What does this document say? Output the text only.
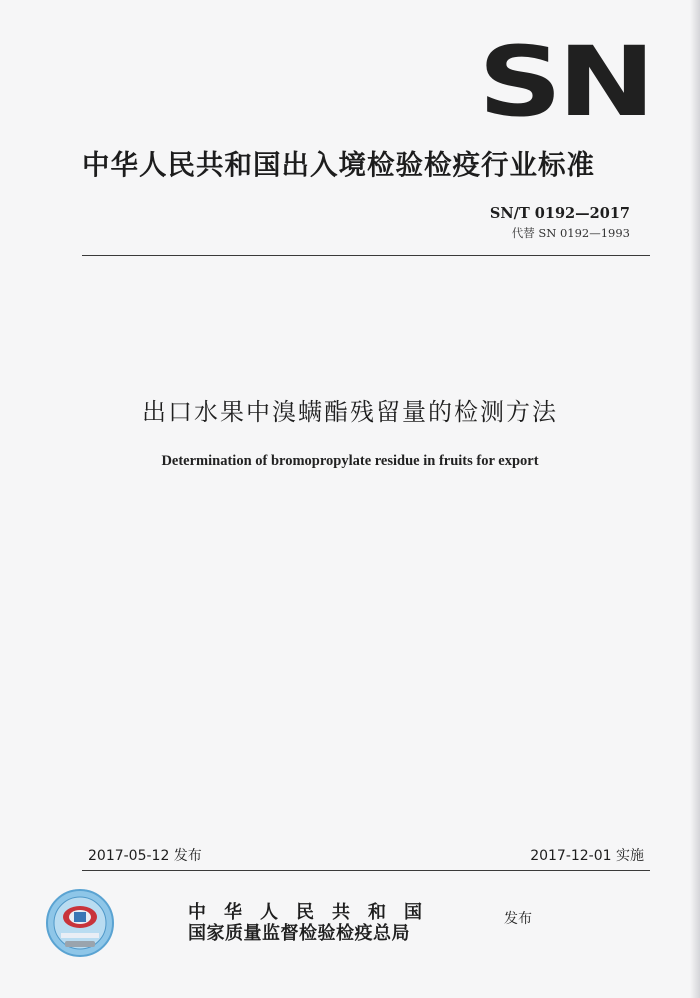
SN
中华人民共和国出入境检验检疫行业标准
SN/T 0192—2017
代替 SN 0192—1993
出口水果中溴螨酯残留量的检测方法
Determination of bromopropylate residue in fruits for export
2017-05-12 发布	2017-12-01 实施
中华人民共和国
国家质量监督检验检疫总局
发布
